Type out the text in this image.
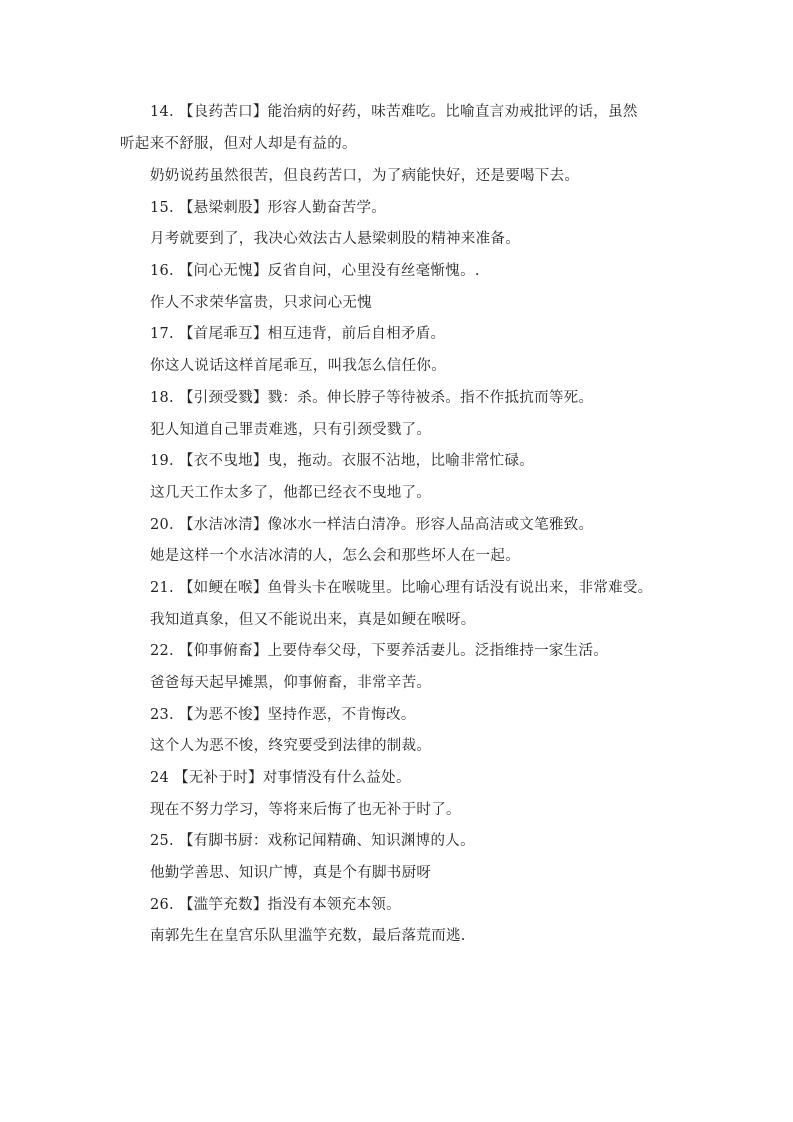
14. 【良药苦口】能治病的好药，味苦难吃。比喻直言劝戒批评的话，虽然
听起来不舒服，但对人却是有益的。
奶奶说药虽然很苦，但良药苦口，为了病能快好，还是要喝下去。
15. 【悬梁刺股】形容人勤奋苦学。
月考就要到了，我决心效法古人悬梁刺股的精神来准备。
16. 【问心无愧】反省自问，心里没有丝毫惭愧。.
作人不求荣华富贵，只求问心无愧
17. 【首尾乖互】相互违背，前后自相矛盾。
你这人说话这样首尾乖互，叫我怎么信任你。
18. 【引颈受戮】戮：杀。伸长脖子等待被杀。指不作抵抗而等死。
犯人知道自己罪责难逃，只有引颈受戮了。
19. 【衣不曳地】曳，拖动。衣服不沾地，比喻非常忙碌。
这几天工作太多了，他都已经衣不曳地了。
20. 【水洁冰清】像冰水一样洁白清净。形容人品高洁或文笔雅致。
她是这样一个水洁冰清的人，怎么会和那些坏人在一起。
21. 【如鲠在喉】鱼骨头卡在喉咙里。比喻心理有话没有说出来，非常难受。
我知道真象，但又不能说出来，真是如鲠在喉呀。
22. 【仰事俯畜】上要侍奉父母，下要养活妻儿。泛指维持一家生活。
爸爸每天起早摊黑，仰事俯畜，非常辛苦。
23. 【为恶不悛】坚持作恶，不肯悔改。
这个人为恶不悛，终究要受到法律的制裁。
24 【无补于时】对事情没有什么益处。
现在不努力学习，等将来后悔了也无补于时了。
25. 【有脚书厨：戏称记闻精确、知识渊博的人。
他勤学善思、知识广博，真是个有脚书厨呀
26. 【滥竽充数】指没有本领充本领。
南郭先生在皇宫乐队里滥竽充数，最后落荒而逃.
